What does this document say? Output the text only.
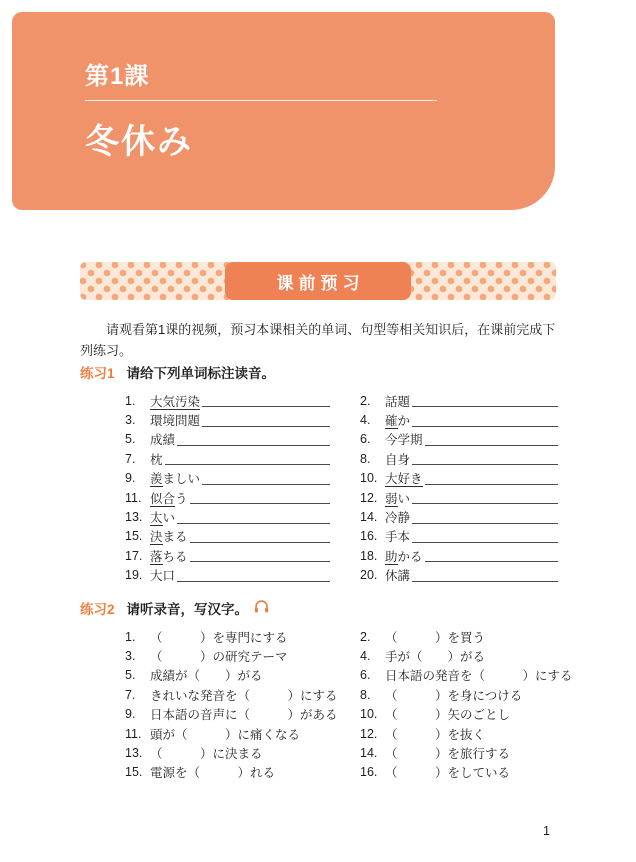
第1課
冬休み
课前预习

请观看第1课的视频，预习本课相关的单词、句型等相关知识后，在课前完成下列练习。

练习1 请给下列单词标注读音。
1.	大気汚染
3.	環境問題
5.	成績
7.	枕
9.	羨ましい
11. 似合う
13. 太い
15. 決まる
17. 落ちる
19. 大口
2.	話題
4.	確か
6.	今学期
8.	自身
10. 大好き
12. 弱い
14. 冷静
16. 手本
18. 助かる
20. 休講
练习2 请听录音，写汉字。
1.	（　　　）を専門にする
3.	（　　　）の研究テーマ
5.	成績が（　　）がる
7.	きれいな発音を（　　　）にする
9.	日本語の音声に（　　　）がある
11. 頭が（　　　）に痛くなる
13. （　　　）に決まる
15. 電源を（　　　）れる
2.	（　　　）を買う
4.	手が（　　）がる
6.	日本語の発音を（　　　）にする
8.	（　　　）を身につける
10. （　　　）矢のごとし
12. （　　　）を抜く
14. （　　　）を旅行する
16. （　　　）をしている
1
